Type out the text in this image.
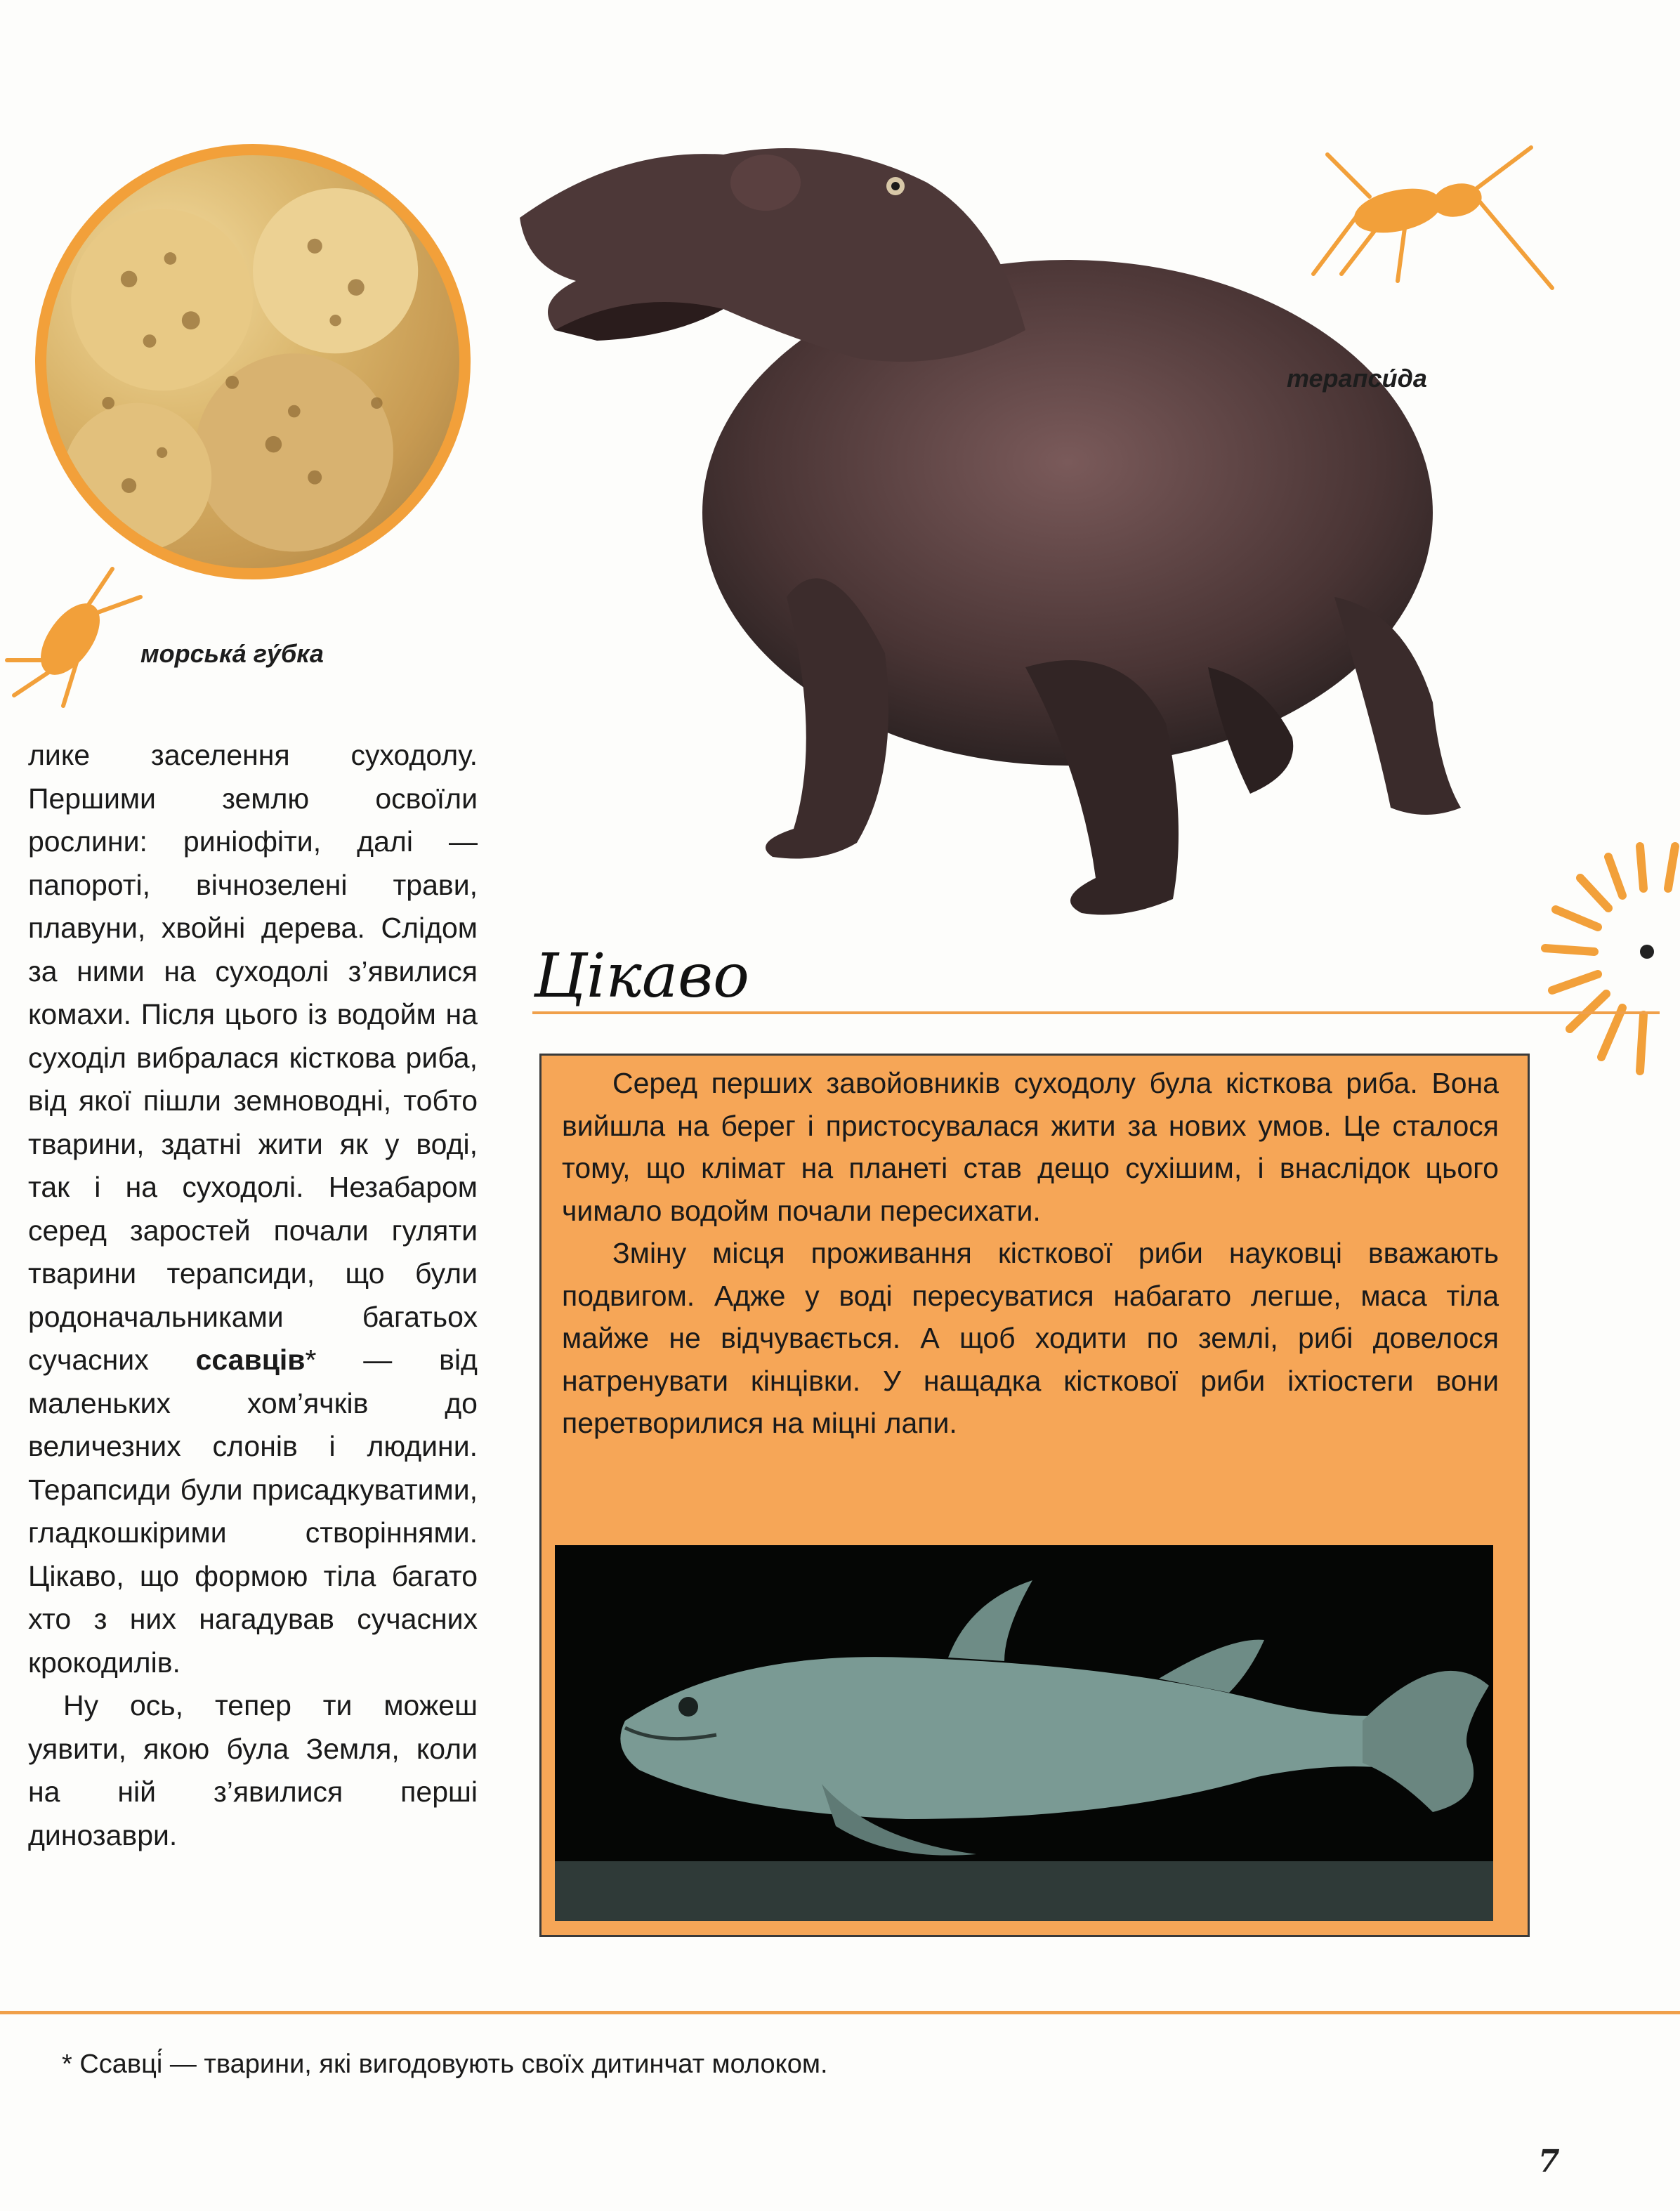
морська́ гу́бка
терапси́да

лике заселення суходолу. Першими землю освоїли рослини: риніофіти, далі — папороті, вічнозелені трави, плавуни, хвойні дерева. Слідом за ними на суходолі з’явилися комахи. Після цього із водойм на суходіл вибралася кісткова риба, від якої пішли земноводні, тобто тварини, здатні жити як у воді, так і на суходолі. Незабаром серед заростей почали гуляти тварини терапсиди, що були родоначальниками багатьох сучасних ссавців* — від маленьких хом’ячків до величезних слонів і людини. Терапсиди були присадкуватими, гладкошкірими створіннями. Цікаво, що формою тіла багато хто з них нагадував сучасних крокодилів.

Ну ось, тепер ти можеш уявити, якою була Земля, коли на ній з’явилися перші динозаври.

Цікаво

Серед перших завойовників суходолу була кісткова риба. Вона вийшла на берег і пристосувалася жити за нових умов. Це сталося тому, що клімат на планеті став дещо сухішим, і внаслідок цього чимало водойм почали пересихати.

Зміну місця проживання кісткової риби науковці вважають подвигом. Адже у воді пересуватися набагато легше, маса тіла майже не відчувається. А щоб ходити по землі, рибі довелося натренувати кінцівки. У нащадка кісткової риби іхтіостеги вони перетворилися на міцні лапи.

* Ссавці́ — тварини, які вигодовують своїх дитинчат молоком.
7
